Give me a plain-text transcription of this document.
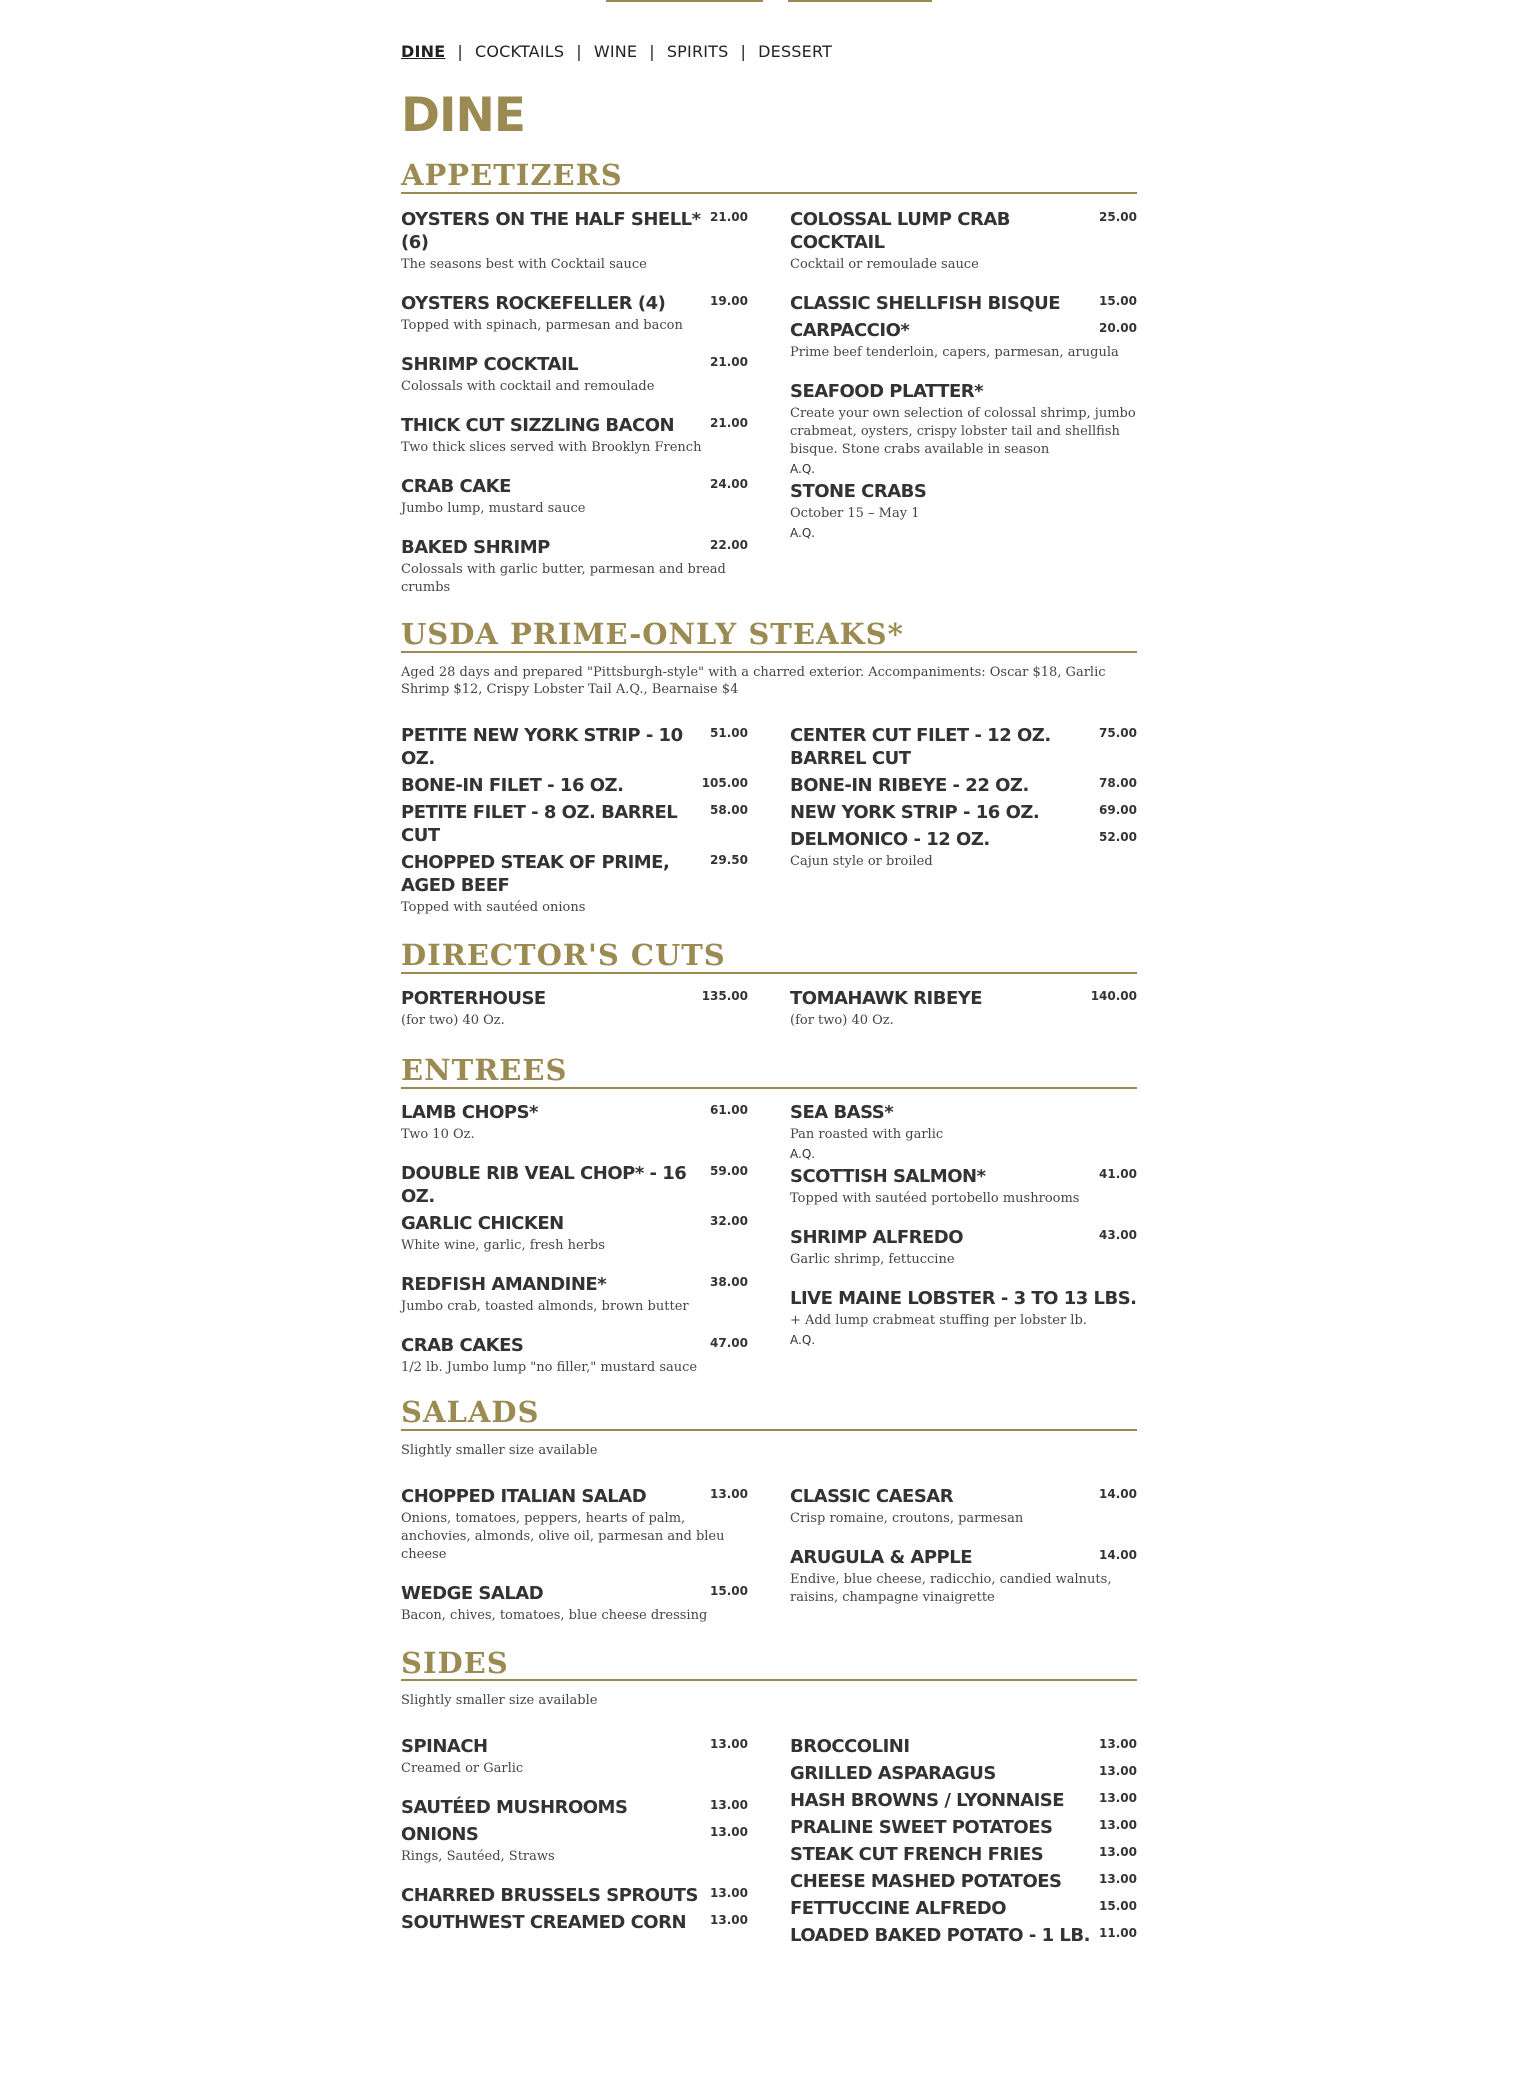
DINE | COCKTAILS | WINE | SPIRITS | DESSERT
DINE
APPETIZERS
OYSTERS ON THE HALF SHELL* (6)
21.00
The seasons best with Cocktail sauce
OYSTERS ROCKEFELLER (4)	19.00
Topped with spinach, parmesan and bacon
SHRIMP COCKTAIL	21.00
Colossals with cocktail and remoulade
THICK CUT SIZZLING BACON	21.00
Two thick slices served with Brooklyn French
CRAB CAKE	24.00
Jumbo lump, mustard sauce
BAKED SHRIMP	22.00
Colossals with garlic butter, parmesan and bread crumbs
COLOSSAL LUMP CRAB COCKTAIL
25.00
Cocktail or remoulade sauce
CLASSIC SHELLFISH BISQUE	15.00
CARPACCIO*	20.00
Prime beef tenderloin, capers, parmesan, arugula
SEAFOOD PLATTER*
Create your own selection of colossal shrimp, jumbo crabmeat, oysters, crispy lobster tail and shellfish bisque. Stone crabs available in season
A.Q.
STONE CRABS
October 15 – May 1
A.Q.
USDA PRIME-ONLY STEAKS*
Aged 28 days and prepared "Pittsburgh-style" with a charred exterior. Accompaniments: Oscar $18, Garlic Shrimp $12, Crispy Lobster Tail A.Q., Bearnaise $4
PETITE NEW YORK STRIP - 10 OZ.
51.00
BONE-IN FILET - 16 OZ.	105.00
PETITE FILET - 8 OZ. BARREL CUT
58.00
CHOPPED STEAK OF PRIME, AGED BEEF
29.50
Topped with sautéed onions
CENTER CUT FILET - 12 OZ. BARREL CUT
75.00
BONE-IN RIBEYE - 22 OZ.	78.00
NEW YORK STRIP - 16 OZ.	69.00
DELMONICO - 12 OZ.	52.00
Cajun style or broiled
DIRECTOR'S CUTS
PORTERHOUSE	135.00
(for two) 40 Oz.
TOMAHAWK RIBEYE	140.00
(for two) 40 Oz.
ENTREES
LAMB CHOPS*	61.00
Two 10 Oz.
DOUBLE RIB VEAL CHOP* - 16 OZ.
59.00
GARLIC CHICKEN	32.00
White wine, garlic, fresh herbs
REDFISH AMANDINE*	38.00
Jumbo crab, toasted almonds, brown butter
CRAB CAKES	47.00
1/2 lb. Jumbo lump "no filler," mustard sauce
SEA BASS*
Pan roasted with garlic
A.Q.
SCOTTISH SALMON*	41.00
Topped with sautéed portobello mushrooms
SHRIMP ALFREDO	43.00
Garlic shrimp, fettuccine
LIVE MAINE LOBSTER - 3 TO 13 LBS.
+ Add lump crabmeat stuffing per lobster lb.
A.Q.
SALADS
Slightly smaller size available
CHOPPED ITALIAN SALAD	13.00
Onions, tomatoes, peppers, hearts of palm, anchovies, almonds, olive oil, parmesan and bleu cheese
WEDGE SALAD	15.00
Bacon, chives, tomatoes, blue cheese dressing
CLASSIC CAESAR	14.00
Crisp romaine, croutons, parmesan
ARUGULA & APPLE	14.00
Endive, blue cheese, radicchio, candied walnuts, raisins, champagne vinaigrette
SIDES
Slightly smaller size available
SPINACH	13.00
Creamed or Garlic
SAUTÉED MUSHROOMS	13.00
ONIONS	13.00
Rings, Sautéed, Straws
CHARRED BRUSSELS SPROUTS 13.00
SOUTHWEST CREAMED CORN 13.00
BROCCOLINI	13.00
GRILLED ASPARAGUS	13.00
HASH BROWNS / LYONNAISE	13.00
PRALINE SWEET POTATOES	13.00
STEAK CUT FRENCH FRIES	13.00
CHEESE MASHED POTATOES	13.00
FETTUCCINE ALFREDO	15.00
LOADED BAKED POTATO - 1 LB. 11.00
